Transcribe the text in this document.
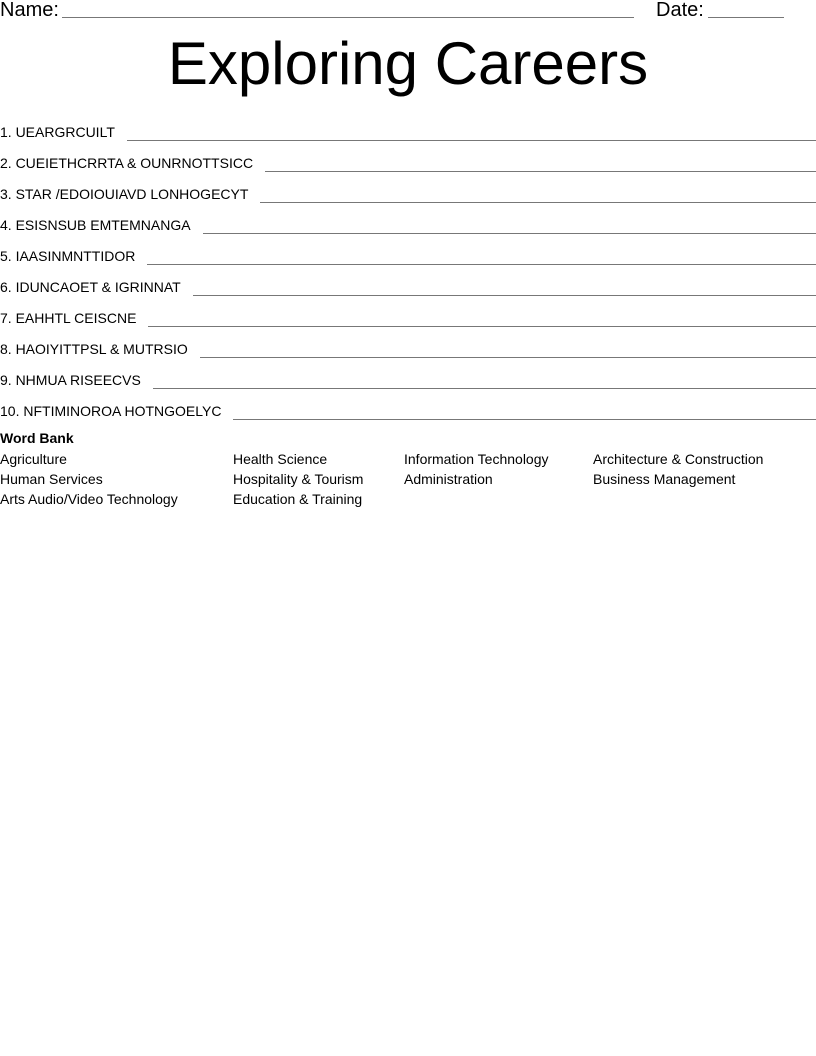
Name:	Date:
Exploring Careers
1. UEARGRCUILT
2. CUEIETHCRRTA & OUNRNOTTSICC
3. STAR /EDOIOUIAVD LONHOGECYT
4. ESISNSUB EMTEMNANGA
5. IAASINMNTTIDOR
6. IDUNCAOET & IGRINNAT
7. EAHHTL CEISCNE
8. HAOIYITTPSL & MUTRSIO
9. NHMUA RISEECVS
10. NFTIMINOROA HOTNGOELYC
Word Bank
Agriculture
Human Services
Arts Audio/Video Technology
Health Science
Hospitality & Tourism
Education & Training
Information Technology
Administration
Architecture & Construction
Business Management
